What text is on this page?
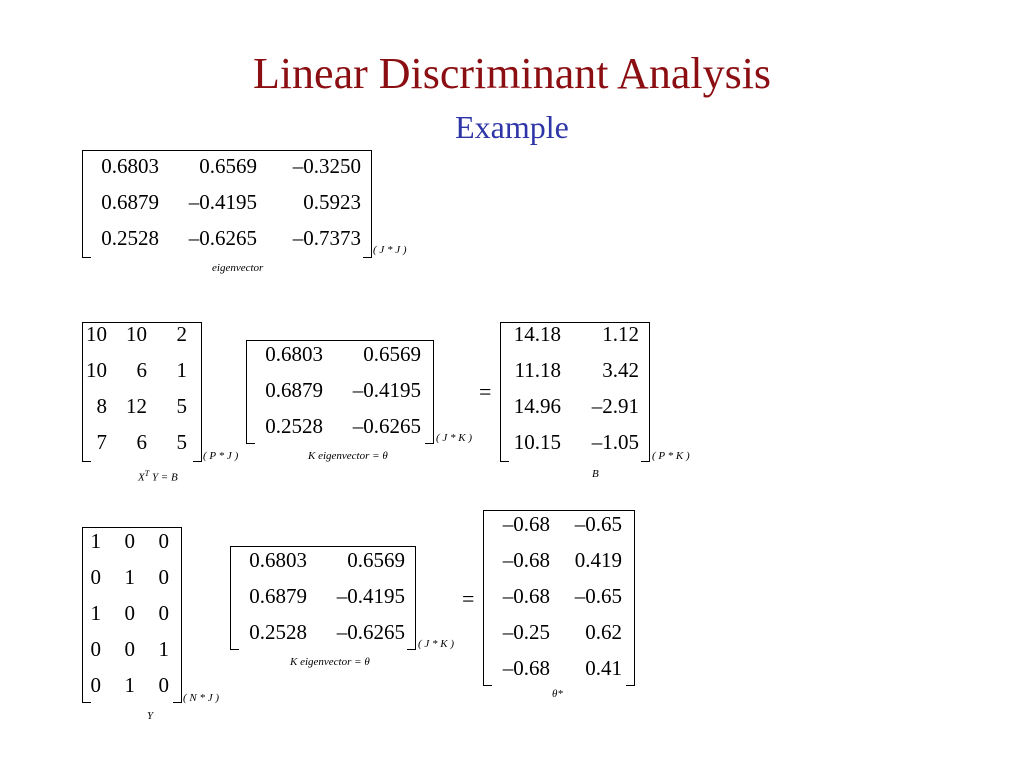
Linear Discriminant Analysis
Example
0.6803 0.6569 –0.3250
0.6879 –0.4195 0.5923
0.2528 –0.6265 –0.7373 ( J * J )
eigenvector
10 10 2
10 6 1
8 12 5
7 6 5
( P * J )
$X^T$ Y = B
0.6803 0.6569
0.6879 –0.4195
0.2528 –0.6265 ( J * K )
K eigenvector = θ
=
14.18 1.12
11.18 3.42
14.96 –2.91
10.15 –1.05
( P * K )
B
1 0 0
0 1 0
1 0 0
0 0 1
0 1 0
( N * J )
Y
0.6803 0.6569
0.6879 –0.4195
0.2528 –0.6265 ( J * K )
K eigenvector = θ
=
–0.68 –0.65
–0.68 0.419
–0.68 –0.65
–0.25 0.62
–0.68 0.41
θ*
